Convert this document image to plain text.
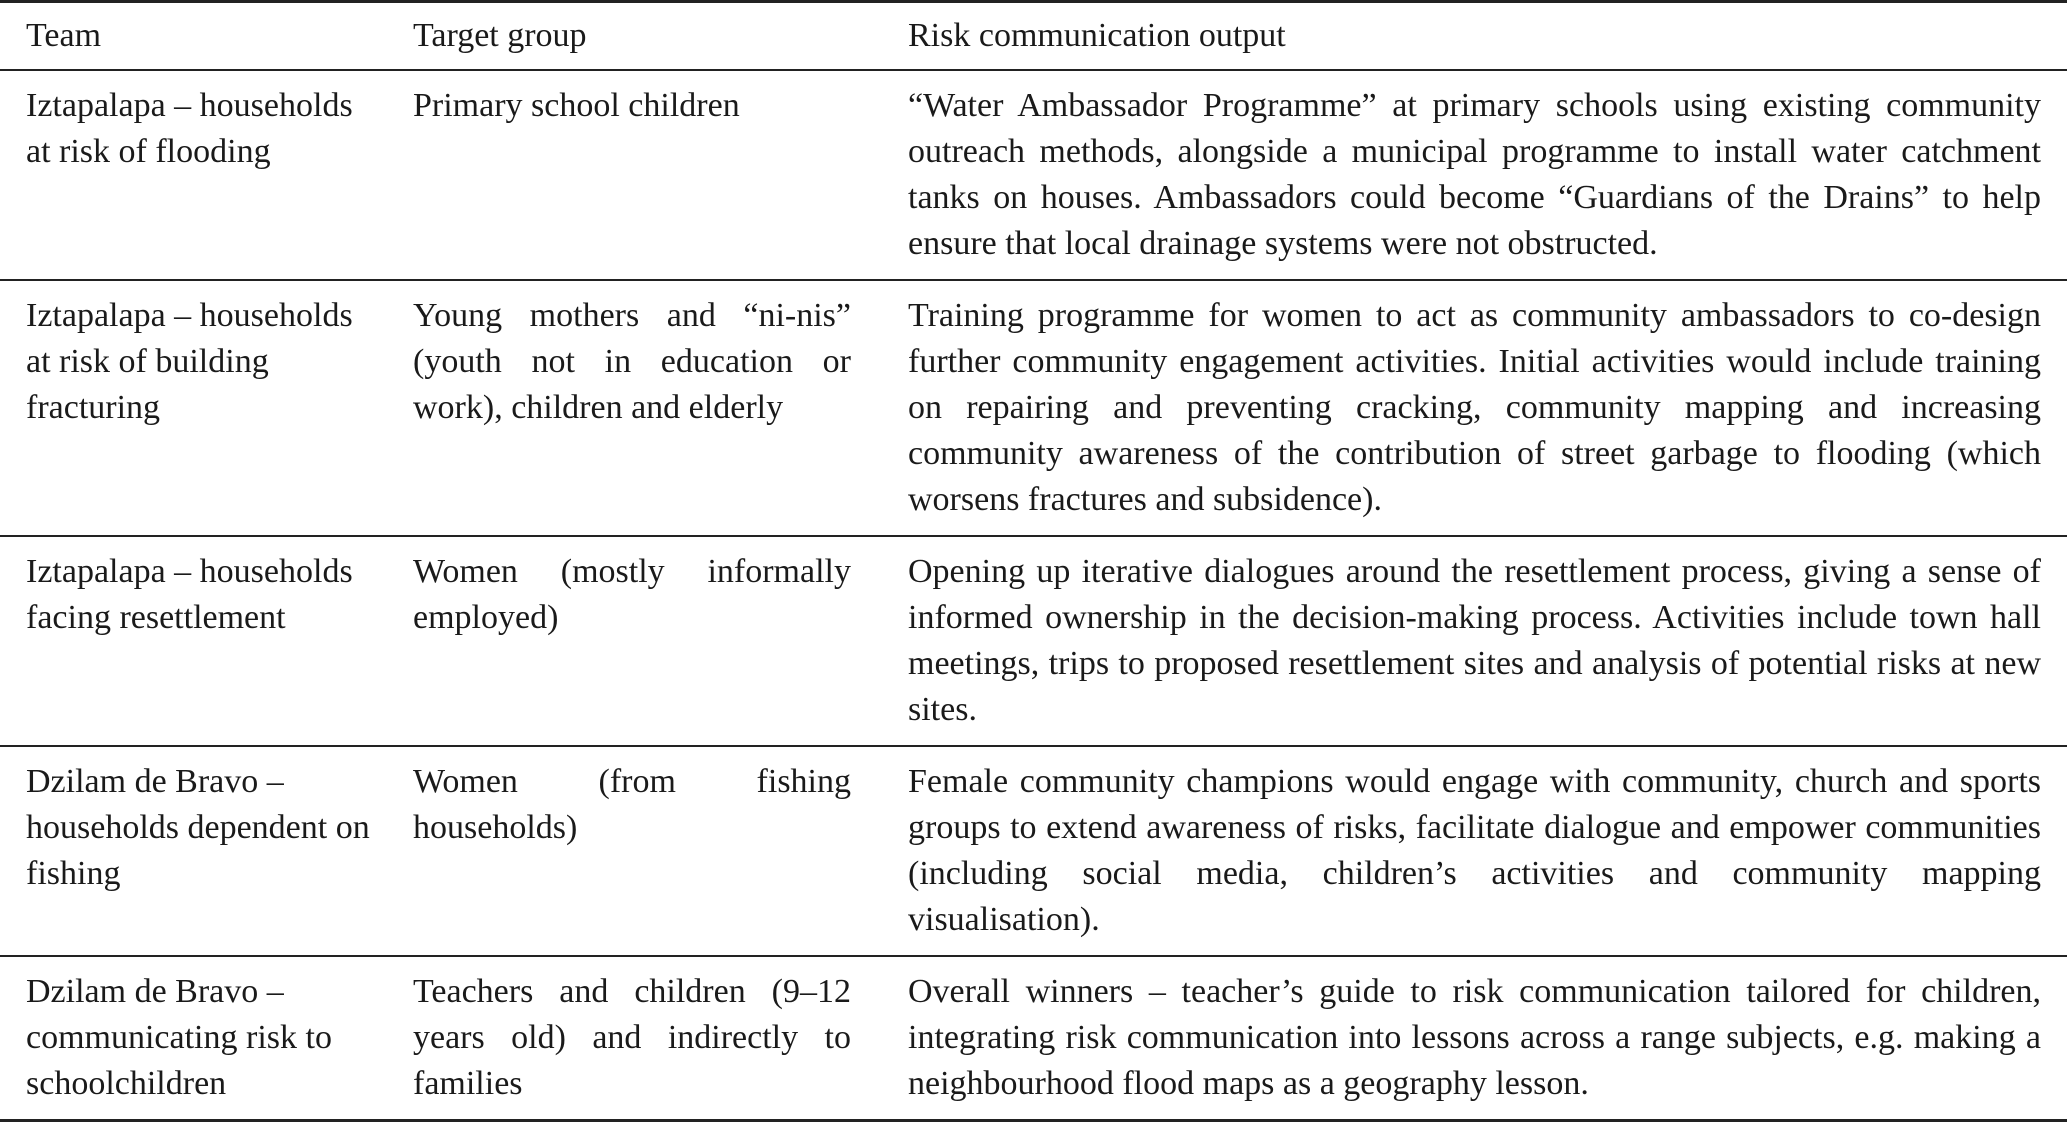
Team	Target group	Risk communication output
Iztapalapa – households at risk of flooding	Primary school children	“Water Ambassador Programme” at primary schools using existing community outreach methods, alongside a municipal programme to install water catchment tanks on houses. Ambassadors could become “Guardians of the Drains” to help ensure that local drainage systems were not obstructed.
Iztapalapa – households at risk of building fracturing	Young mothers and “ni-nis” (youth not in education or work), children and elderly	Training programme for women to act as community ambassadors to co-design further community engagement activities. Initial activities would include training on repairing and preventing cracking, community mapping and increasing community awareness of the contribution of street garbage to flooding (which worsens fractures and subsidence).
Iztapalapa – households facing resettlement	Women (mostly informally employed)	Opening up iterative dialogues around the resettlement process, giving a sense of informed ownership in the decision-making process. Activities include town hall meetings, trips to proposed resettlement sites and analysis of potential risks at new sites.
Dzilam de Bravo – households dependent on fishing	Women (from fishing households)	Female community champions would engage with community, church and sports groups to extend awareness of risks, facilitate dialogue and empower communities (including social media, children’s activities and community mapping visualisation).
Dzilam de Bravo – communicating risk to schoolchildren	Teachers and children (9–12 years old) and indirectly to families	Overall winners – teacher’s guide to risk communication tailored for children, integrating risk communication into lessons across a range subjects, e.g. making a neighbourhood flood maps as a geography lesson.
